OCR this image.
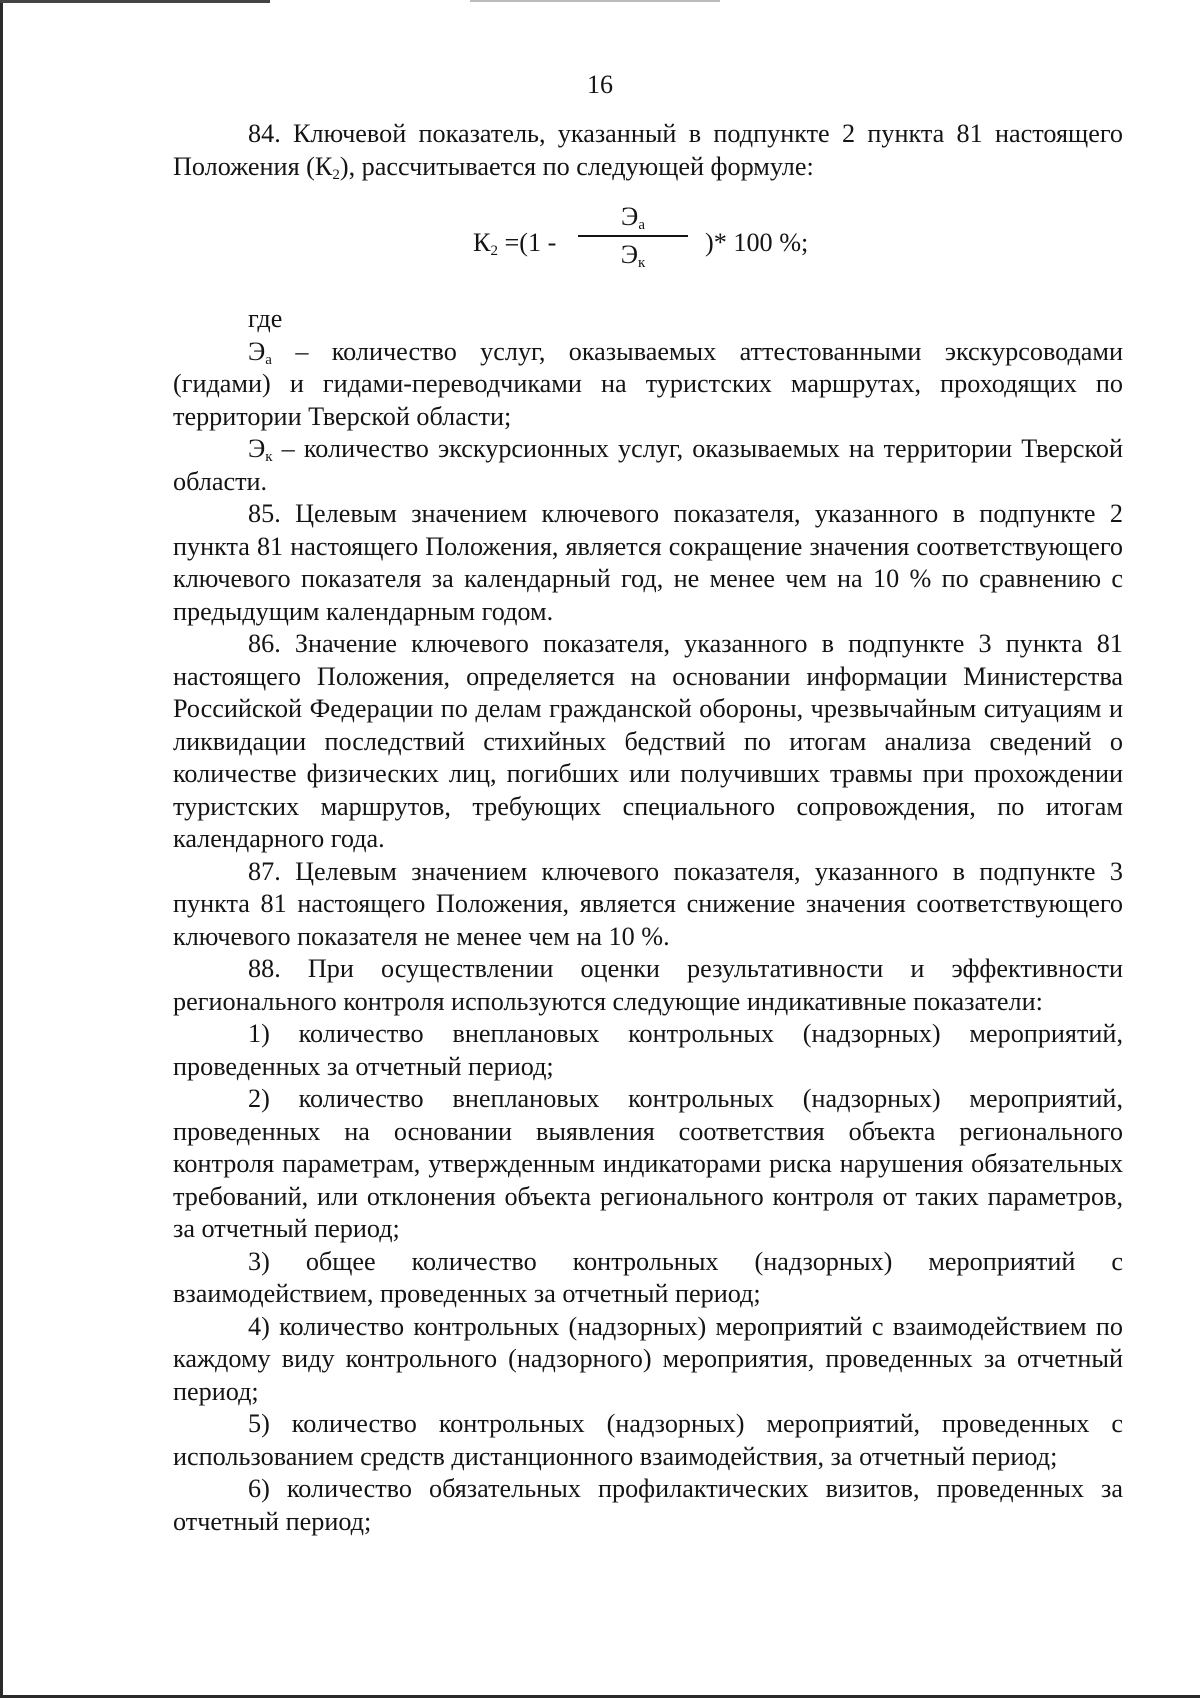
16

84. Ключевой показатель, указанный в подпункте 2 пункта 81 настоящего Положения $(К_2)$, рассчитывается по следующей формуле:

$К_2 =(1$ -
$Э_а$
$Э_к$
)* 100 %;

где

$Э_а$ – количество услуг, оказываемых аттестованными экскурсоводами (гидами) и гидами-переводчиками на туристских маршрутах, проходящих по территории Тверской области;

$Э_к$ – количество экскурсионных услуг, оказываемых на территории Тверской области.

85. Целевым значением ключевого показателя, указанного в подпункте 2 пункта 81 настоящего Положения, является сокращение значения соответствующего ключевого показателя за календарный год, не менее чем на 10 % по сравнению с предыдущим календарным годом.

86. Значение ключевого показателя, указанного в подпункте 3 пункта 81 настоящего Положения, определяется на основании информации Министерства Российской Федерации по делам гражданской обороны, чрезвычайным ситуациям и ликвидации последствий стихийных бедствий по итогам анализа сведений о количестве физических лиц, погибших или получивших травмы при прохождении туристских маршрутов, требующих специального сопровождения, по итогам календарного года.

87. Целевым значением ключевого показателя, указанного в подпункте 3 пункта 81 настоящего Положения, является снижение значения соответствующего ключевого показателя не менее чем на 10 %.

88. При осуществлении оценки результативности и эффективности регионального контроля используются следующие индикативные показатели:

1) количество внеплановых контрольных (надзорных) мероприятий, проведенных за отчетный период;

2) количество внеплановых контрольных (надзорных) мероприятий, проведенных на основании выявления соответствия объекта регионального контроля параметрам, утвержденным индикаторами риска нарушения обязательных требований, или отклонения объекта регионального контроля от таких параметров, за отчетный период;

3) общее количество контрольных (надзорных) мероприятий с взаимодействием, проведенных за отчетный период;

4) количество контрольных (надзорных) мероприятий с взаимодействием по каждому виду контрольного (надзорного) мероприятия, проведенных за отчетный период;

5) количество контрольных (надзорных) мероприятий, проведенных с использованием средств дистанционного взаимодействия, за отчетный период;

6) количество обязательных профилактических визитов, проведенных за отчетный период;
